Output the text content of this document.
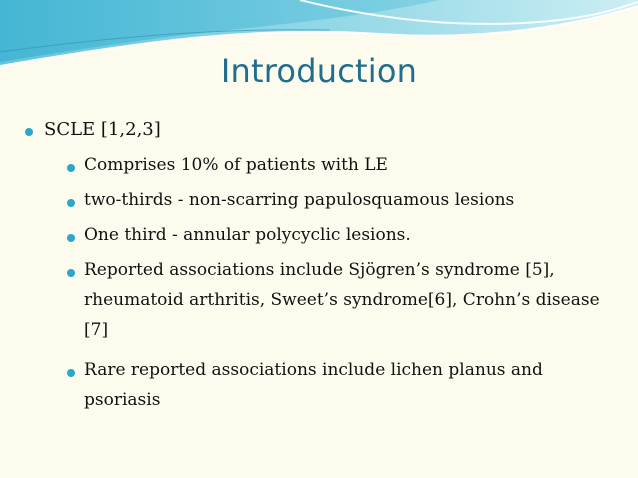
Introduction
SCLE [1,2,3]
Comprises 10% of patients with LE
two-thirds - non-scarring papulosquamous lesions
One third - annular polycyclic lesions.
Reported associations include Sjögren’s syndrome [5],
rheumatoid arthritis, Sweet’s syndrome[6], Crohn’s disease
[7]
Rare reported associations include lichen planus and
psoriasis
